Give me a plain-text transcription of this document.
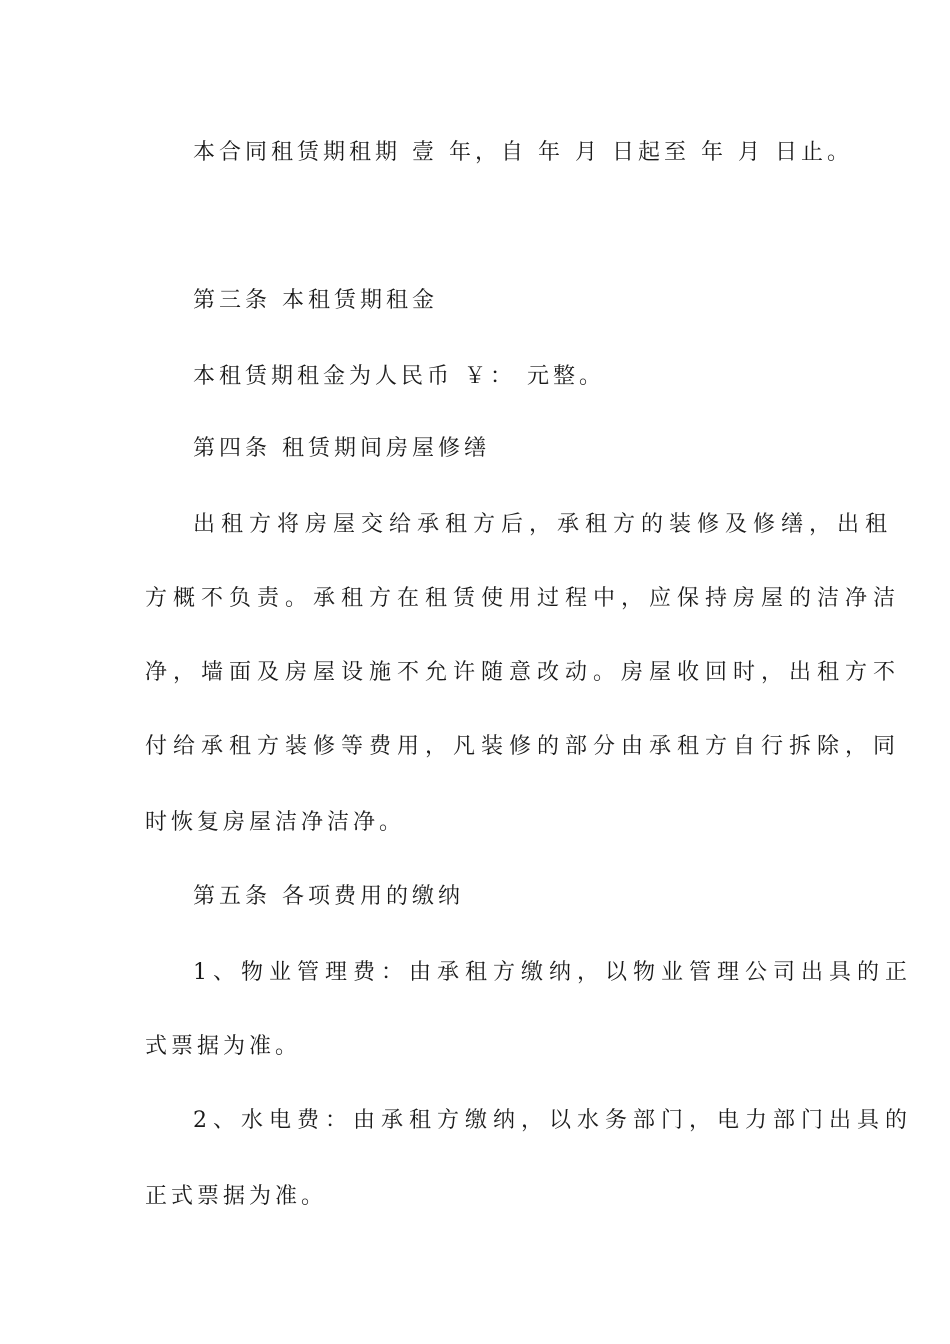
本合同租赁期租期 壹 年，自 年 月 日起至 年 月 日止。
第三条 本租赁期租金
本租赁期租金为人民币 ￥： 元整。
第四条 租赁期间房屋修缮
出租方将房屋交给承租方后，承租方的装修及修缮，出租
方概不负责。承租方在租赁使用过程中，应保持房屋的洁净洁
净，墙面及房屋设施不允许随意改动。房屋收回时，出租方不
付给承租方装修等费用，凡装修的部分由承租方自行拆除，同
时恢复房屋洁净洁净。
第五条 各项费用的缴纳
1、物业管理费：由承租方缴纳，以物业管理公司出具的正
式票据为准。
2、水电费：由承租方缴纳，以水务部门，电力部门出具的
正式票据为准。
